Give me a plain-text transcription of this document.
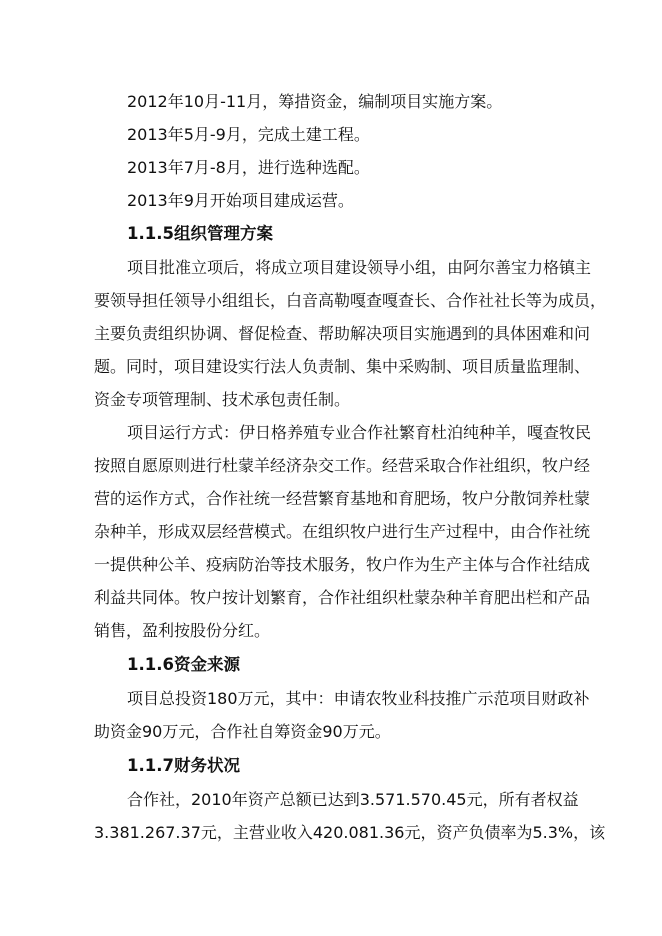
2012年10月-11月，筹措资金，编制项目实施方案。
2013年5月-9月，完成土建工程。
2013年7月-8月，进行选种选配。
2013年9月开始项目建成运营。
1.1.5组织管理方案
项目批准立项后，将成立项目建设领导小组，由阿尔善宝力格镇主
要领导担任领导小组组长，白音高勒嘎查嘎查长、合作社社长等为成员，
主要负责组织协调、督促检查、帮助解决项目实施遇到的具体困难和问
题。同时，项目建设实行法人负责制、集中采购制、项目质量监理制、
资金专项管理制、技术承包责任制。
项目运行方式：伊日格养殖专业合作社繁育杜泊纯种羊，嘎查牧民
按照自愿原则进行杜蒙羊经济杂交工作。经营采取合作社组织，牧户经
营的运作方式，合作社统一经营繁育基地和育肥场，牧户分散饲养杜蒙
杂种羊，形成双层经营模式。在组织牧户进行生产过程中，由合作社统
一提供种公羊、疫病防治等技术服务，牧户作为生产主体与合作社结成
利益共同体。牧户按计划繁育，合作社组织杜蒙杂种羊育肥出栏和产品
销售，盈利按股份分红。
1.1.6资金来源
项目总投资180万元，其中：申请农牧业科技推广示范项目财政补
助资金90万元，合作社自筹资金90万元。
1.1.7财务状况
合作社，2010年资产总额已达到3.571.570.45元，所有者权益
3.381.267.37元，主营业收入420.081.36元，资产负债率为5.3%，该
